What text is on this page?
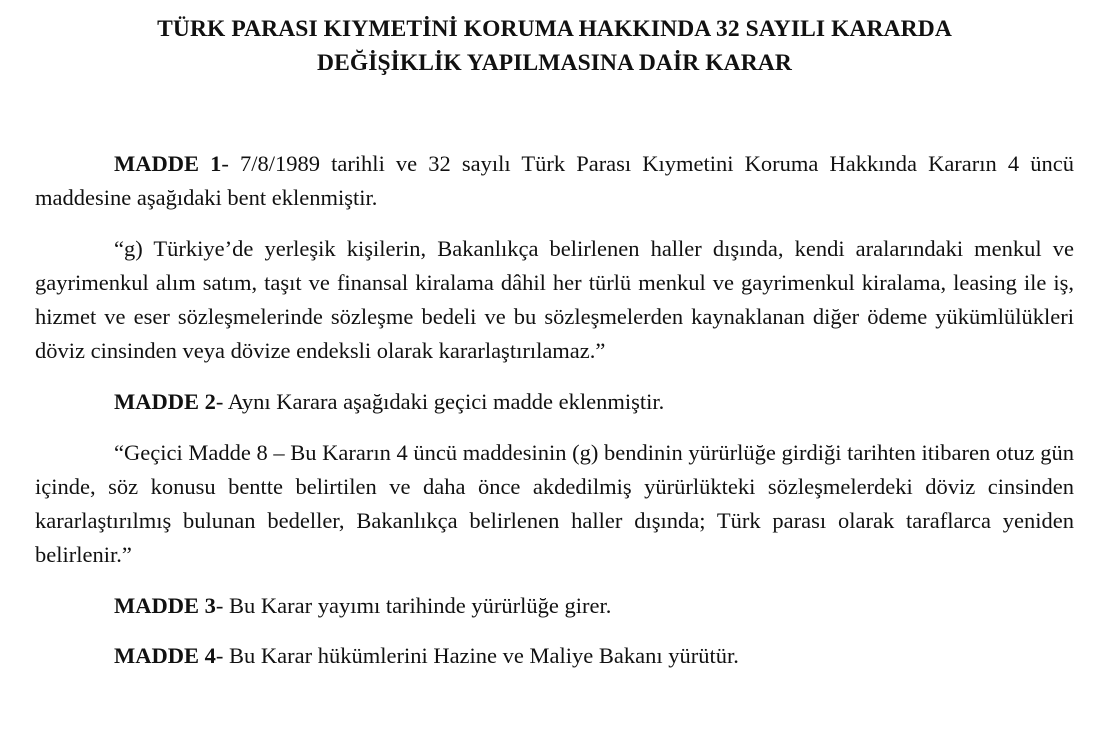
TÜRK PARASI KIYMETİNİ KORUMA HAKKINDA 32 SAYILI KARARDA
DEĞİŞİKLİK YAPILMASINA DAİR KARAR

MADDE 1- 7/8/1989 tarihli ve 32 sayılı Türk Parası Kıymetini Koruma Hakkında Kararın 4 üncü maddesine aşağıdaki bent eklenmiştir.

“g) Türkiye’de yerleşik kişilerin, Bakanlıkça belirlenen haller dışında, kendi aralarındaki menkul ve gayrimenkul alım satım, taşıt ve finansal kiralama dâhil her türlü menkul ve gayrimenkul kiralama, leasing ile iş, hizmet ve eser sözleşmelerinde sözleşme bedeli ve bu sözleşmelerden kaynaklanan diğer ödeme yükümlülükleri döviz cinsinden veya dövize endeksli olarak kararlaştırılamaz.”

MADDE 2- Aynı Karara aşağıdaki geçici madde eklenmiştir.

“Geçici Madde 8 – Bu Kararın 4 üncü maddesinin (g) bendinin yürürlüğe girdiği tarihten itibaren otuz gün içinde, söz konusu bentte belirtilen ve daha önce akdedilmiş yürürlükteki sözleşmelerdeki döviz cinsinden kararlaştırılmış bulunan bedeller, Bakanlıkça belirlenen haller dışında; Türk parası olarak taraflarca yeniden belirlenir.”

MADDE 3- Bu Karar yayımı tarihinde yürürlüğe girer.

MADDE 4- Bu Karar hükümlerini Hazine ve Maliye Bakanı yürütür.
